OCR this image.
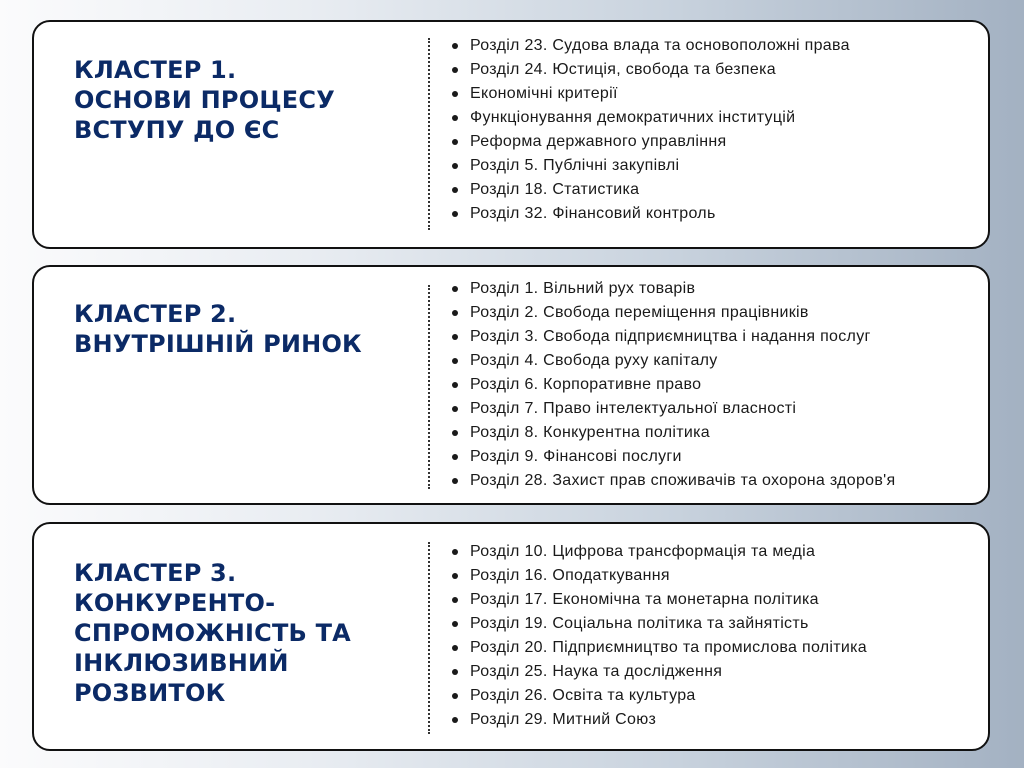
КЛАСТЕР 1.
ОСНОВИ ПРОЦЕСУ
ВСТУПУ ДО ЄС
Розділ 23. Судова влада та основоположні права
Розділ 24. Юстиція, свобода та безпека
Економічні критерії
Функціонування демократичних інституцій
Реформа державного управління
Розділ 5. Публічні закупівлі
Розділ 18. Статистика
Розділ 32. Фінансовий контроль
КЛАСТЕР 2.
ВНУТРІШНІЙ РИНОК
Розділ 1. Вільний рух товарів
Розділ 2. Свобода переміщення працівників
Розділ 3. Свобода підприємництва і надання послуг
Розділ 4. Свобода руху капіталу
Розділ 6. Корпоративне право
Розділ 7. Право інтелектуальної власності
Розділ 8. Конкурентна політика
Розділ 9. Фінансові послуги
Розділ 28. Захист прав споживачів та охорона здоров'я
КЛАСТЕР 3.
КОНКУРЕНТО-
СПРОМОЖНІСТЬ ТА
ІНКЛЮЗИВНИЙ
РОЗВИТОК
Розділ 10. Цифрова трансформація та медіа
Розділ 16. Оподаткування
Розділ 17. Економічна та монетарна політика
Розділ 19. Соціальна політика та зайнятість
Розділ 20. Підприємництво та промислова політика
Розділ 25. Наука та дослідження
Розділ 26. Освіта та культура
Розділ 29. Митний Союз
